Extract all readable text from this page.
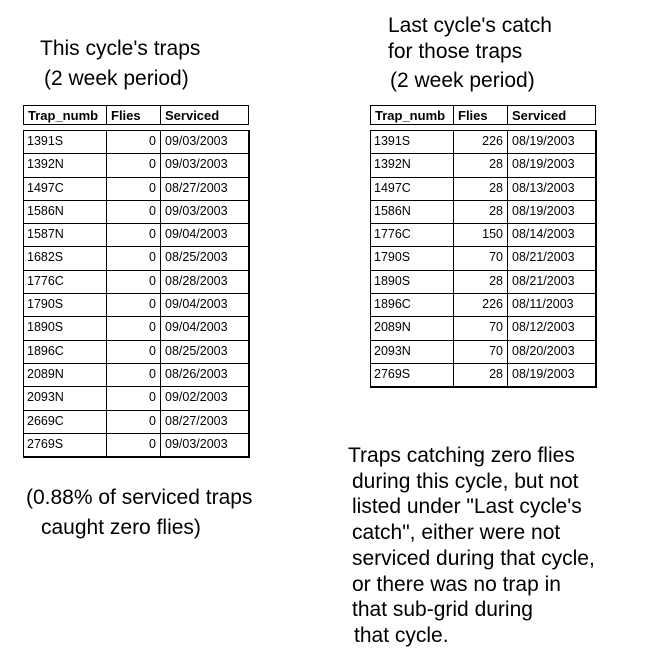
This cycle's traps
(2 week period)
Last cycle's catch
for those traps
(2 week period)
Trap_numb Flies	Serviced
1391S	0 09/03/2003
1392N	0 09/03/2003
1497C	0 08/27/2003
1586N	0 09/03/2003
1587N	0 09/04/2003
1682S	0 08/25/2003
1776C	0 08/28/2003
1790S	0 09/04/2003
1890S	0 09/04/2003
1896C	0 08/25/2003
2089N	0 08/26/2003
2093N	0 09/02/2003
2669C	0 08/27/2003
2769S	0 09/03/2003
Trap_numb Flies	Serviced
1391S	226 08/19/2003
1392N	28 08/19/2003
1497C	28 08/13/2003
1586N	28 08/19/2003
1776C	150 08/14/2003
1790S	70 08/21/2003
1890S	28 08/21/2003
1896C	226 08/11/2003
2089N	70 08/12/2003
2093N	70 08/20/2003
2769S	28 08/19/2003
(0.88% of serviced traps
caught zero flies)
Traps catching zero flies
during this cycle, but not
listed under "Last cycle's
catch", either were not
serviced during that cycle,
or there was no trap in
that sub-grid during
that cycle.
